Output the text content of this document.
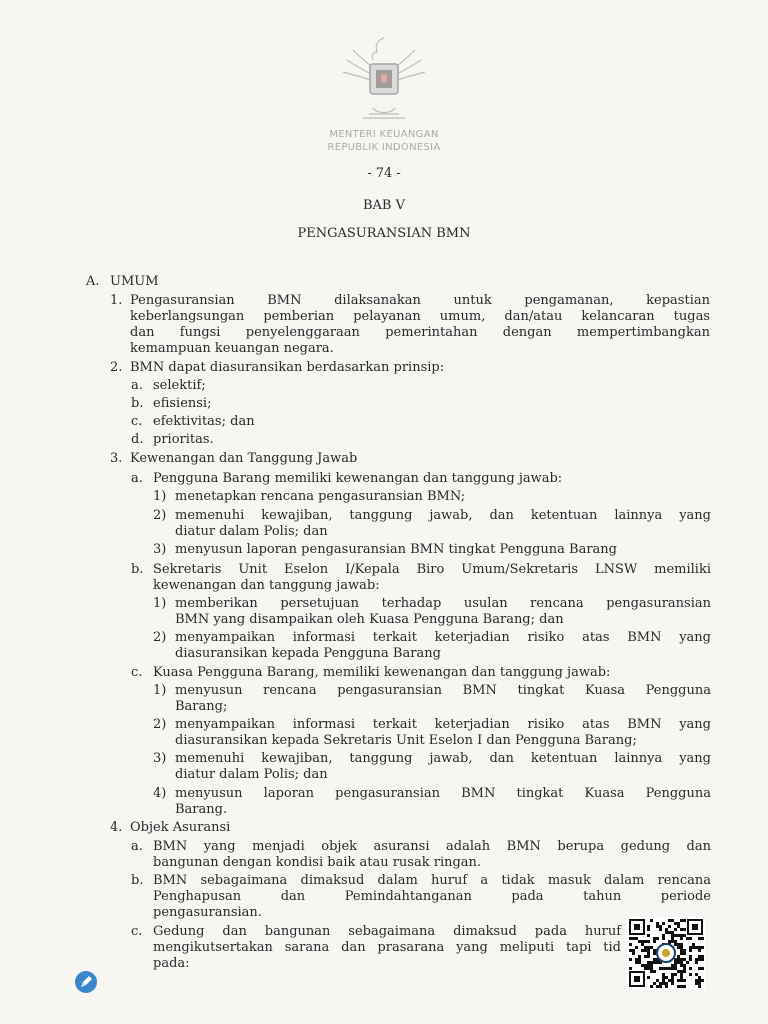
MENTERI KEUANGAN
REPUBLIK INDONESIA
- 74 -
BAB V
PENGASURANSIAN BMN
A. UMUM
1. Pengasuransian BMN dilaksanakan untuk pengamanan, kepastian
keberlangsungan pemberian pelayanan umum, dan/atau kelancaran tugas
dan fungsi penyelenggaraan pemerintahan dengan mempertimbangkan
kemampuan keuangan negara.
2. BMN dapat diasuransikan berdasarkan prinsip:
a. selektif;
b. efisiensi;
c. efektivitas; dan
d. prioritas.
3. Kewenangan dan Tanggung Jawab
a. Pengguna Barang memiliki kewenangan dan tanggung jawab:
1) menetapkan rencana pengasuransian BMN;
2) memenuhi kewajiban, tanggung jawab, dan ketentuan lainnya yang
diatur dalam Polis; dan
3) menyusun laporan pengasuransian BMN tingkat Pengguna Barang
b. Sekretaris Unit Eselon I/Kepala Biro Umum/Sekretaris LNSW memiliki
kewenangan dan tanggung jawab:
1) memberikan persetujuan terhadap usulan rencana pengasuransian
BMN yang disampaikan oleh Kuasa Pengguna Barang; dan
2) menyampaikan informasi terkait keterjadian risiko atas BMN yang
diasuransikan kepada Pengguna Barang
c. Kuasa Pengguna Barang, memiliki kewenangan dan tanggung jawab:
1) menyusun rencana pengasuransian BMN tingkat Kuasa Pengguna
Barang;
2) menyampaikan informasi terkait keterjadian risiko atas BMN yang
diasuransikan kepada Sekretaris Unit Eselon I dan Pengguna Barang;
3) memenuhi kewajiban, tanggung jawab, dan ketentuan lainnya yang
diatur dalam Polis; dan
4) menyusun laporan pengasuransian BMN tingkat Kuasa Pengguna
Barang.
4. Objek Asuransi
a. BMN yang menjadi objek asuransi adalah BMN berupa gedung dan
bangunan dengan kondisi baik atau rusak ringan.
b. BMN sebagaimana dimaksud dalam huruf a tidak masuk dalam rencana
Penghapusan dan Pemindahtanganan pada tahun periode
pengasuransian.
c. Gedung dan bangunan sebagaimana dimaksud pada huruf
mengikutsertakan sarana dan prasarana yang meliputi tapi tid
pada:
